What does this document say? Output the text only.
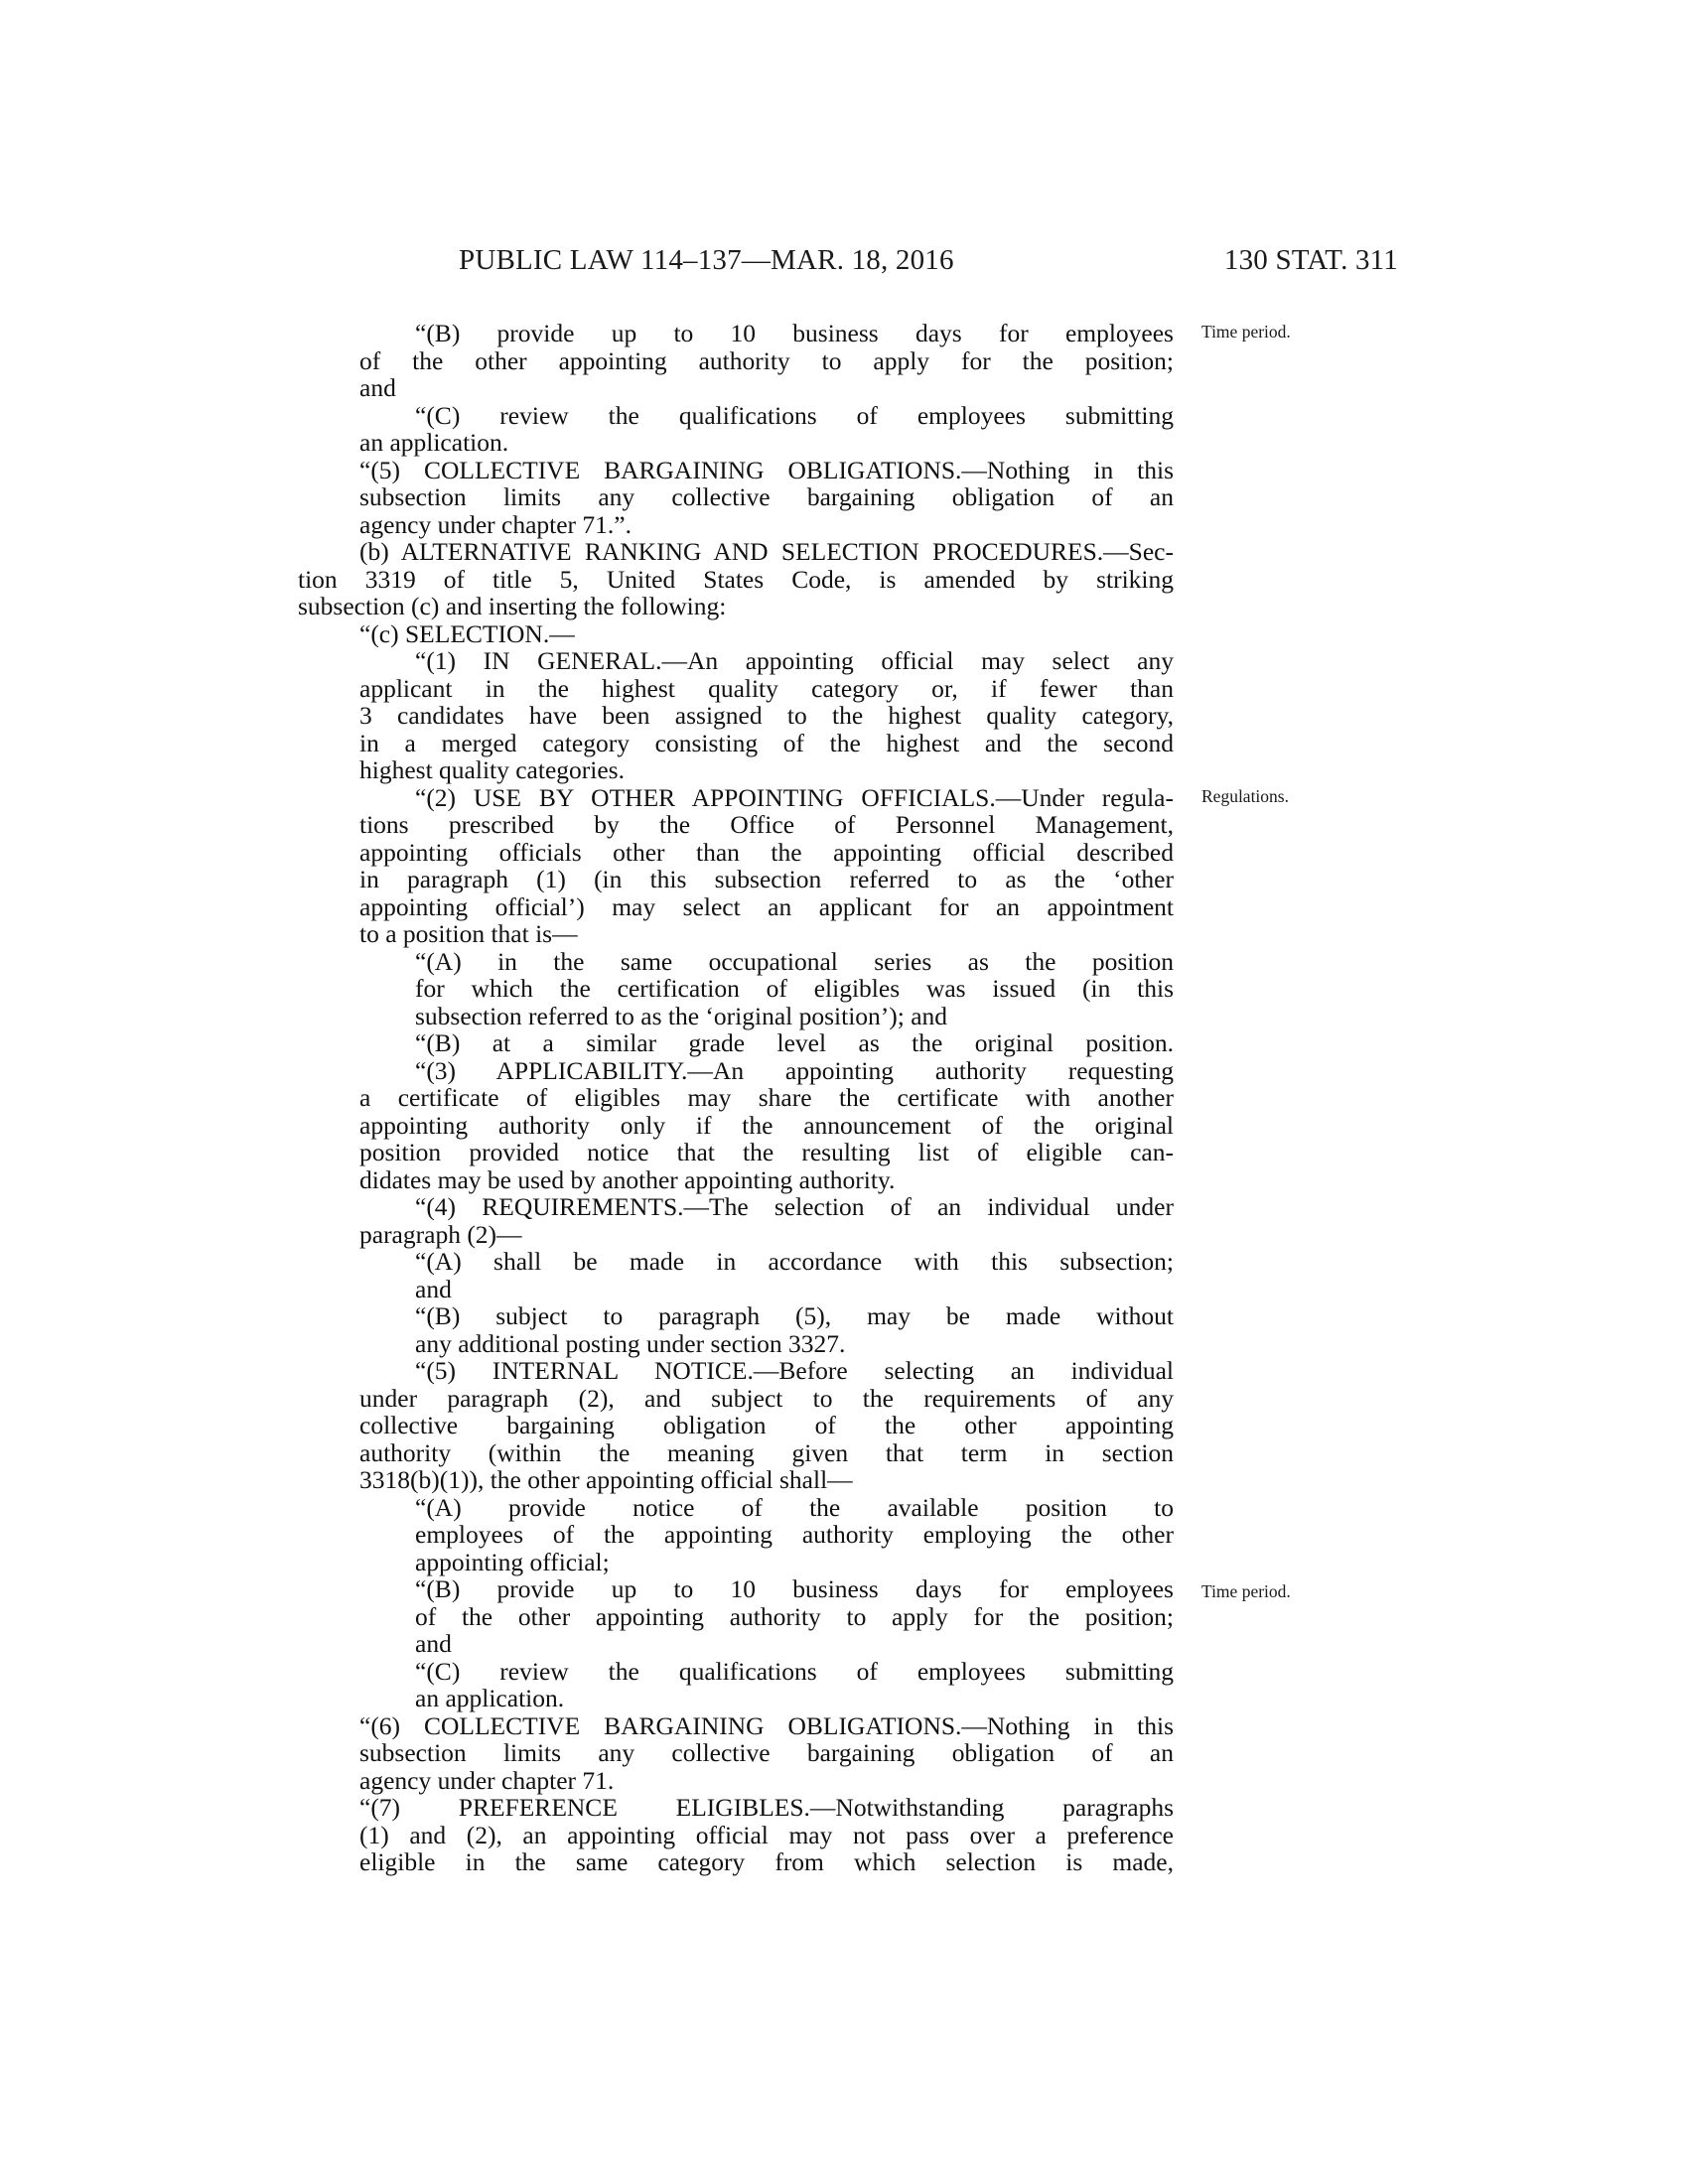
PUBLIC LAW 114–137—MAR. 18, 2016	130 STAT. 311
Time period.
Regulations.
Time period.
“(B) provide up to 10 business days for employees
of the other appointing authority to apply for the position;
and
“(C) review the qualifications of employees submitting
an application.
“(5) COLLECTIVE BARGAINING OBLIGATIONS.—Nothing in this
subsection limits any collective bargaining obligation of an
agency under chapter 71.”.
(b) ALTERNATIVE RANKING AND SELECTION PROCEDURES.—Sec-
tion 3319 of title 5, United States Code, is amended by striking
subsection (c) and inserting the following:
“(c) SELECTION.—
“(1) IN GENERAL.—An appointing official may select any
applicant in the highest quality category or, if fewer than
3 candidates have been assigned to the highest quality category,
in a merged category consisting of the highest and the second
highest quality categories.
“(2) USE BY OTHER APPOINTING OFFICIALS.—Under regula-
tions prescribed by the Office of Personnel Management,
appointing officials other than the appointing official described
in paragraph (1) (in this subsection referred to as the ‘other
appointing official’) may select an applicant for an appointment
to a position that is—
“(A) in the same occupational series as the position
for which the certification of eligibles was issued (in this
subsection referred to as the ‘original position’); and
“(B) at a similar grade level as the original position.
“(3) APPLICABILITY.—An appointing authority requesting
a certificate of eligibles may share the certificate with another
appointing authority only if the announcement of the original
position provided notice that the resulting list of eligible can-
didates may be used by another appointing authority.
“(4) REQUIREMENTS.—The selection of an individual under
paragraph (2)—
“(A) shall be made in accordance with this subsection;
and
“(B) subject to paragraph (5), may be made without
any additional posting under section 3327.
“(5) INTERNAL NOTICE.—Before selecting an individual
under paragraph (2), and subject to the requirements of any
collective bargaining obligation of the other appointing
authority (within the meaning given that term in section
3318(b)(1)), the other appointing official shall—
“(A) provide notice of the available position to
employees of the appointing authority employing the other
appointing official;
“(B) provide up to 10 business days for employees
of the other appointing authority to apply for the position;
and
“(C) review the qualifications of employees submitting
an application.
“(6) COLLECTIVE BARGAINING OBLIGATIONS.—Nothing in this
subsection limits any collective bargaining obligation of an
agency under chapter 71.
“(7) PREFERENCE ELIGIBLES.—Notwithstanding paragraphs
(1) and (2), an appointing official may not pass over a preference
eligible in the same category from which selection is made,
